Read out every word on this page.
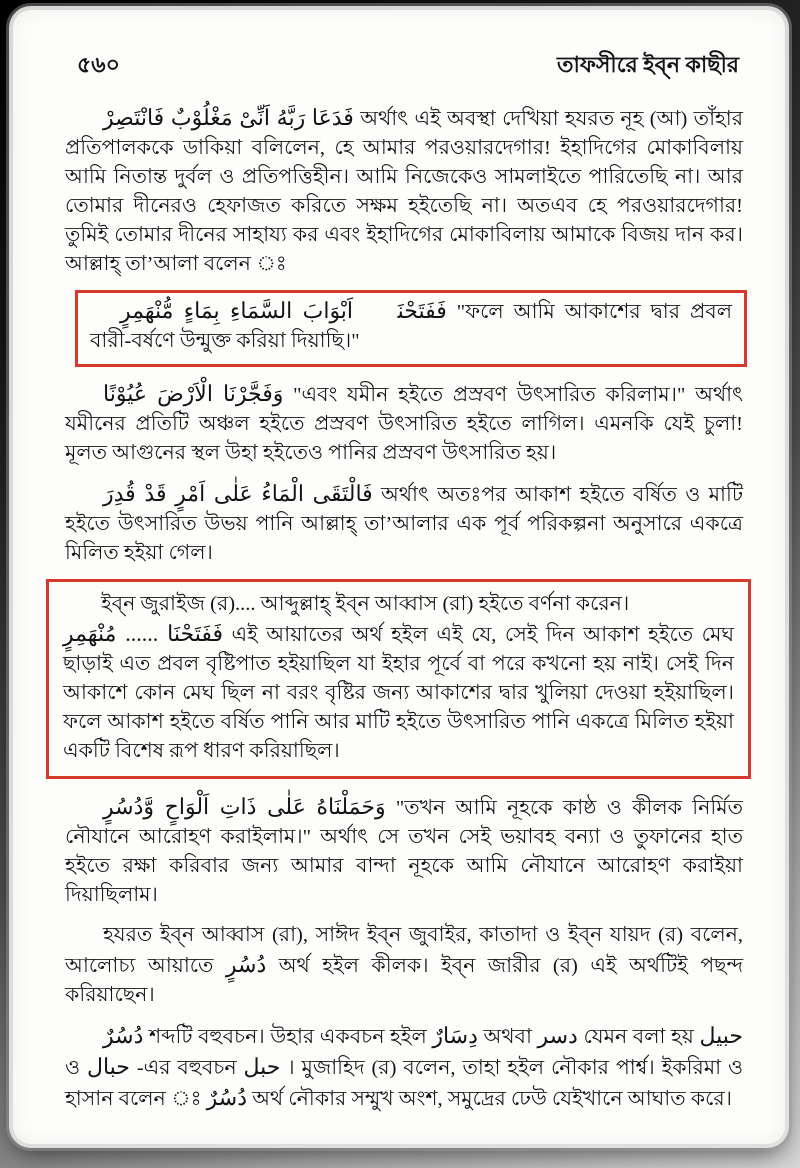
৫৬০	তাফসীরে ইব্‌ন কাছীর

فَدَعَا رَبَّهُ اَنِّىْ مَغْلُوْبٌ فَانْتَصِرْ অর্থাৎ এই অবস্থা দেখিয়া হযরত নূহ (আ) তাঁহার প্রতিপালককে ডাকিয়া বলিলেন, হে আমার পরওয়ারদেগার! ইহাদিগের মোকাবিলায় আমি নিতান্ত দুর্বল ও প্রতিপত্তিহীন। আমি নিজেকেও সামলাইতে পারিতেছি না। আর তোমার দীনেরও হেফাজত করিতে সক্ষম হইতেছি না। অতএব হে পরওয়ারদেগার! তুমিই তোমার দীনের সাহায্য কর এবং ইহাদিগের মোকাবিলায় আমাকে বিজয় দান কর। আল্লাহ্‌ তা’আলা বলেন ঃ

فَفَتَحْنَاۤ اَبْوَابَ السَّمَاءِ بِمَاءٍ مُّنْهَمِرٍ "ফলে আমি আকাশের দ্বার প্রবল বারী-বর্ষণে উন্মুক্ত করিয়া দিয়াছি।"

وَفَجَّرْنَا الْاَرْضَ عُيُوْنًا "এবং যমীন হইতে প্রস্রবণ উৎসারিত করিলাম।" অর্থাৎ যমীনের প্রতিটি অঞ্চল হইতে প্রস্রবণ উৎসারিত হইতে লাগিল। এমনকি যেই চুলা! মূলত আগুনের স্থল উহা হইতেও পানির প্রস্রবণ উৎসারিত হয়।

فَالْتَقَى الْمَاءُ عَلٰى اَمْرٍ قَدْ قُدِرَ অর্থাৎ অতঃপর আকাশ হইতে বর্ষিত ও মাটি হইতে উৎসারিত উভয় পানি আল্লাহ্‌ তা’আলার এক পূর্ব পরিকল্পনা অনুসারে একত্রে মিলিত হইয়া গেল।

ইব্‌ন জুরাইজ (র).... আব্দুল্লাহ্‌ ইব্‌ন আব্বাস (রা) হইতে বর্ণনা করেন।
فَفَتَحْنَا ...... مُنْهَمِرٍ এই আয়াতের অর্থ হইল এই যে, সেই দিন আকাশ হইতে মেঘ ছাড়াই এত প্রবল বৃষ্টিপাত হইয়াছিল যা ইহার পূর্বে বা পরে কখনো হয় নাই। সেই দিন আকাশে কোন মেঘ ছিল না বরং বৃষ্টির জন্য আকাশের দ্বার খুলিয়া দেওয়া হইয়াছিল। ফলে আকাশ হইতে বর্ষিত পানি আর মাটি হইতে উৎসারিত পানি একত্রে মিলিত হইয়া একটি বিশেষ রূপ ধারণ করিয়াছিল।

وَحَمَلْنَاهُ عَلٰى ذَاتِ اَلْوَاحٍ وَّدُسُرٍ "তখন আমি নূহকে কাষ্ঠ ও কীলক নির্মিত নৌযানে আরোহণ করাইলাম।" অর্থাৎ সে তখন সেই ভয়াবহ বন্যা ও তুফানের হাত হইতে রক্ষা করিবার জন্য আমার বান্দা নূহকে আমি নৌযানে আরোহণ করাইয়া দিয়াছিলাম।

হযরত ইব্‌ন আব্বাস (রা), সাঈদ ইব্‌ন জুবাইর, কাতাদা ও ইব্‌ন যায়দ (র) বলেন, আলোচ্য আয়াতে دُسُرٍ অর্থ হইল কীলক। ইব্‌ন জারীর (র) এই অর্থটিই পছন্দ করিয়াছেন।

دُسُرٌ শব্দটি বহুবচন। উহার একবচন হইল دِسَارٌ অথবা دسر যেমন বলা হয় حبيل ও حبال -এর বহুবচন حبل । মুজাহিদ (র) বলেন, তাহা হইল নৌকার পার্শ্ব। ইকরিমা ও হাসান বলেন ঃ دُسُرٌ অর্থ নৌকার সম্মুখ অংশ, সমুদ্রের ঢেউ যেইখানে আঘাত করে।
